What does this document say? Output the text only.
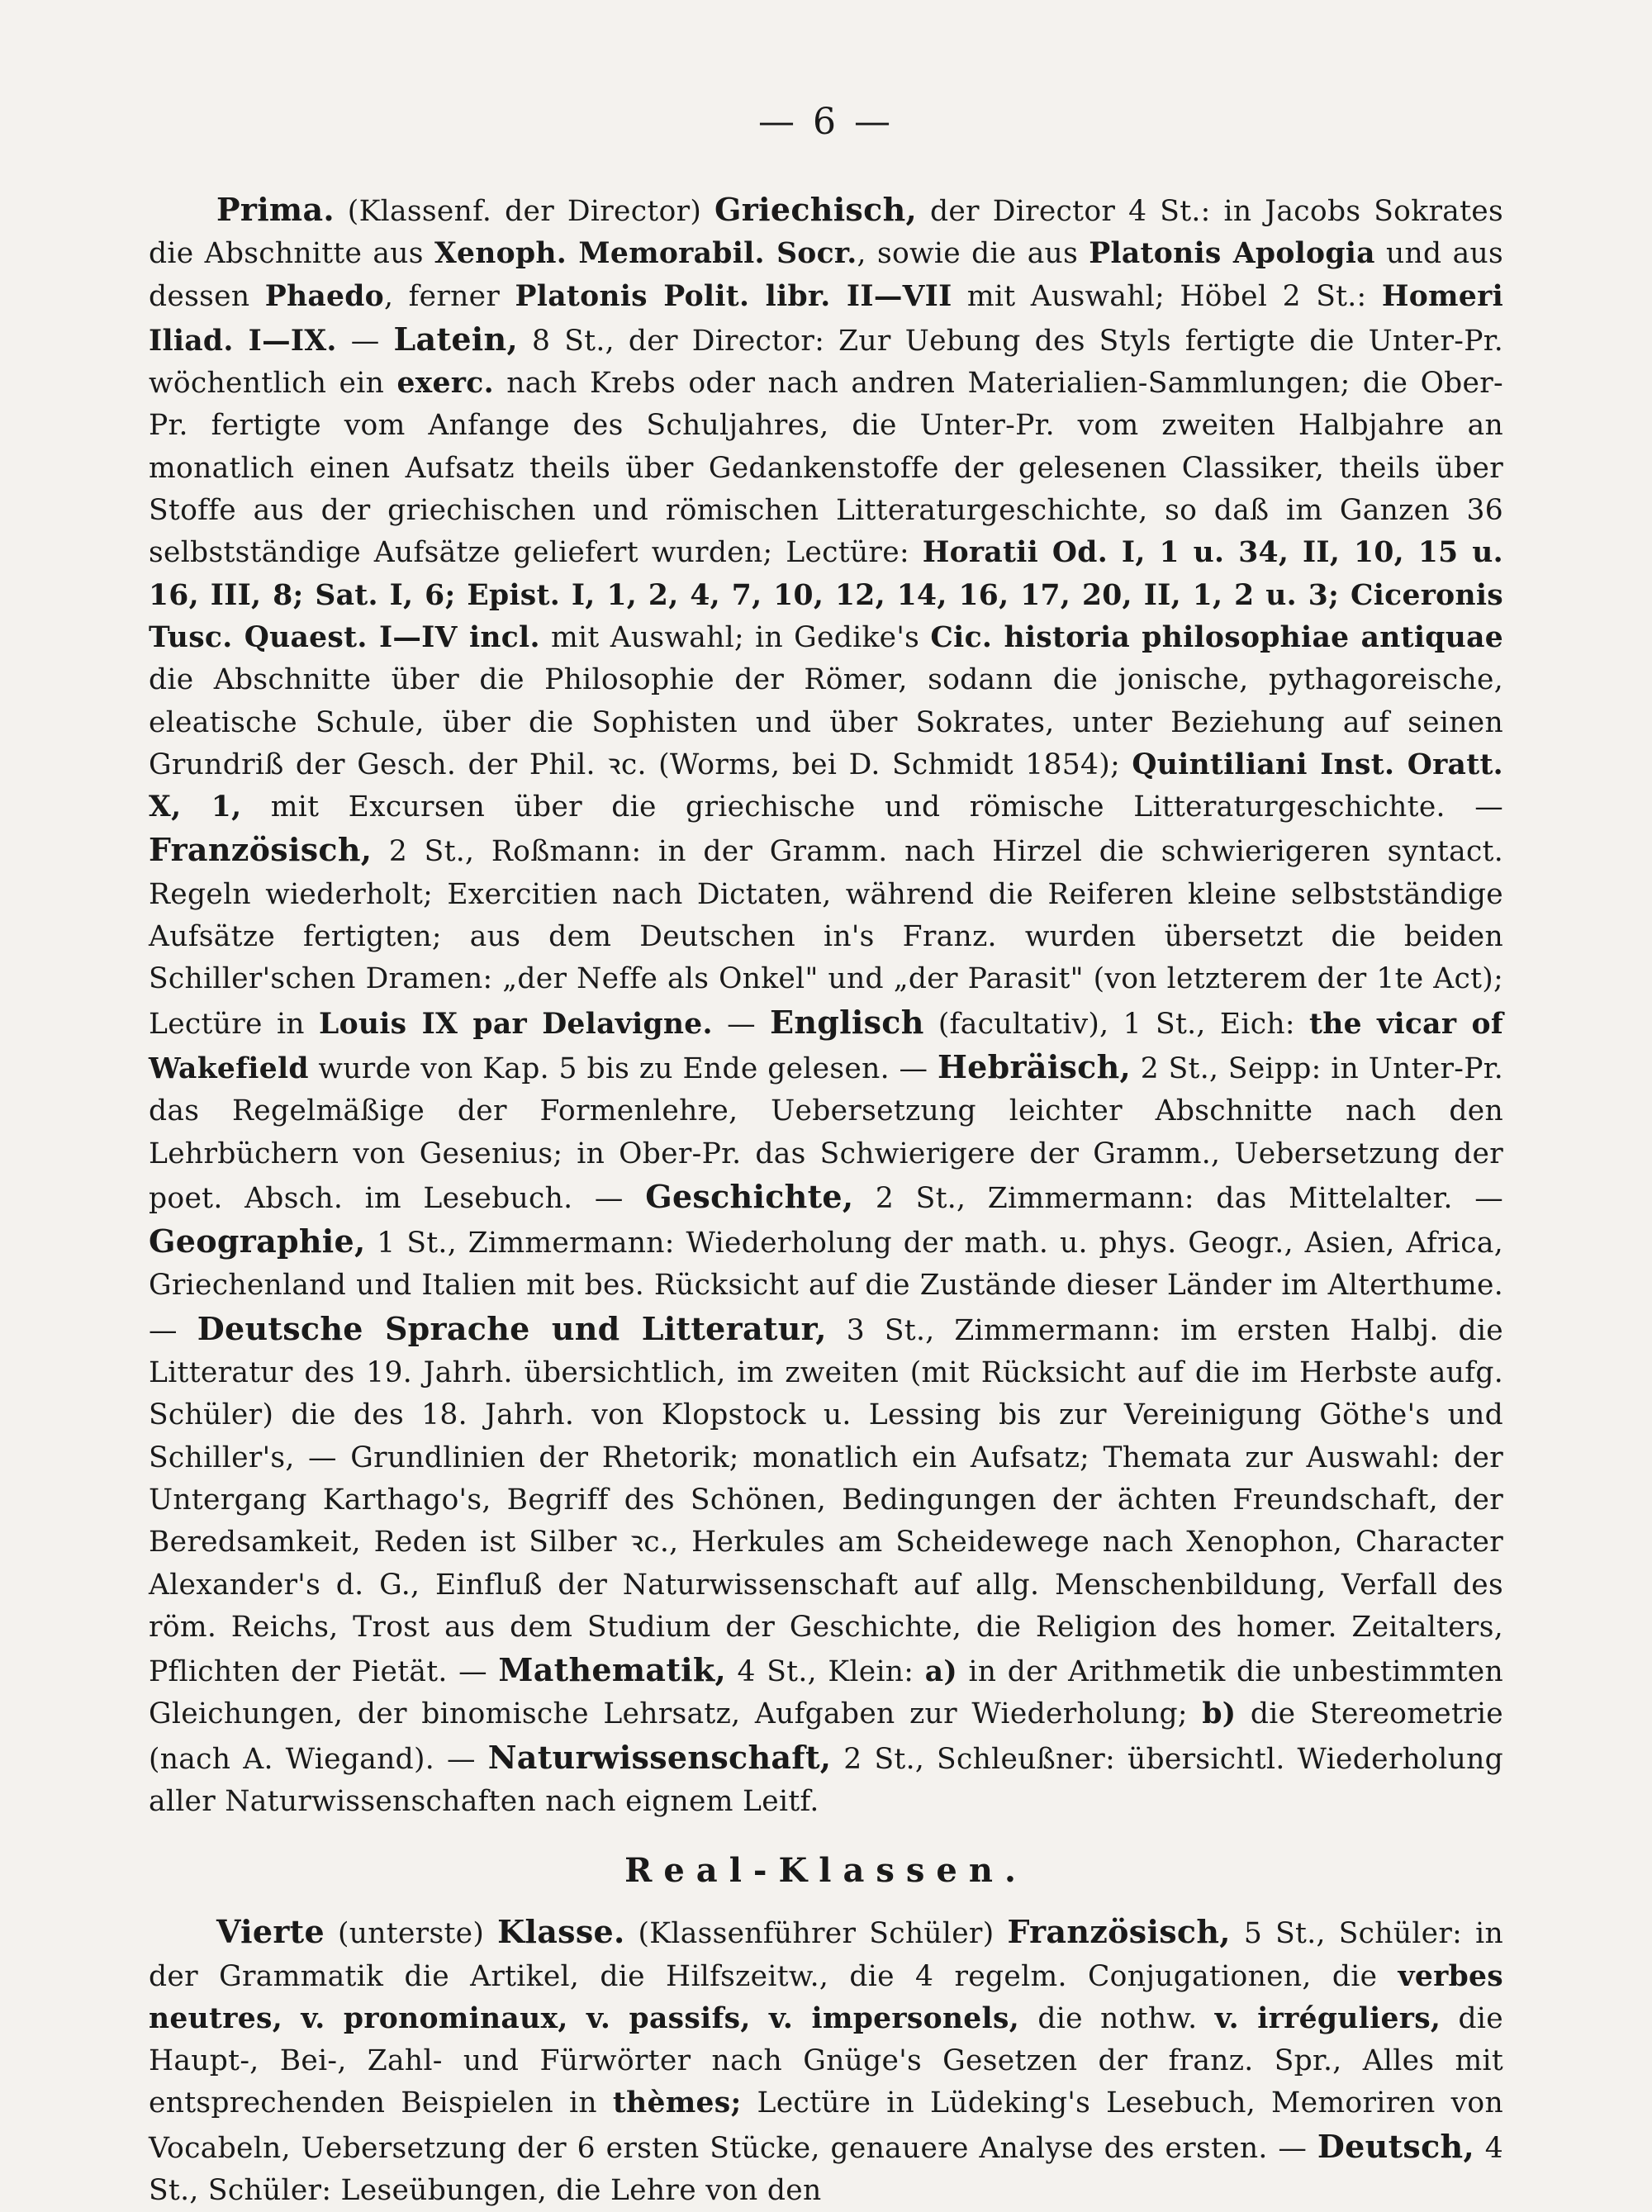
— 6 —

Prima. (Klassenf. der Director) Griechisch, der Director 4 St.: in Jacobs Sokrates die Abschnitte aus Xenoph. Memorabil. Socr., sowie die aus Platonis Apologia und aus dessen Phaedo, ferner Platonis Polit. libr. II—VII mit Auswahl; Höbel 2 St.: Homeri Iliad. I—IX. — Latein, 8 St., der Director: Zur Uebung des Styls fertigte die Unter-Pr. wöchentlich ein exerc. nach Krebs oder nach andren Materialien-Sammlungen; die Ober-Pr. fertigte vom Anfange des Schuljahres, die Unter-Pr. vom zweiten Halbjahre an monatlich einen Aufsatz theils über Gedankenstoffe der gelesenen Classiker, theils über Stoffe aus der griechischen und römischen Litteraturgeschichte, so daß im Ganzen 36 selbstständige Aufsätze geliefert wurden; Lectüre: Horatii Od. I, 1 u. 34, II, 10, 15 u. 16, III, 8; Sat. I, 6; Epist. I, 1, 2, 4, 7, 10, 12, 14, 16, 17, 20, II, 1, 2 u. 3; Ciceronis Tusc. Quaest. I—IV incl. mit Auswahl; in Gedike's Cic. historia philosophiae antiquae die Abschnitte über die Philosophie der Römer, sodann die jonische, pythagoreische, eleatische Schule, über die Sophisten und über Sokrates, unter Beziehung auf seinen Grundriß der Gesch. der Phil. ꝛc. (Worms, bei D. Schmidt 1854); Quintiliani Inst. Oratt. X, 1, mit Excursen über die griechische und römische Litteraturgeschichte. — Französisch, 2 St., Roßmann: in der Gramm. nach Hirzel die schwierigeren syntact. Regeln wiederholt; Exercitien nach Dictaten, während die Reiferen kleine selbstständige Aufsätze fertigten; aus dem Deutschen in's Franz. wurden übersetzt die beiden Schiller'schen Dramen: „der Neffe als Onkel" und „der Parasit" (von letzterem der 1te Act); Lectüre in Louis IX par Delavigne. — Englisch (facultativ), 1 St., Eich: the vicar of Wakefield wurde von Kap. 5 bis zu Ende gelesen. — Hebräisch, 2 St., Seipp: in Unter-Pr. das Regelmäßige der Formenlehre, Uebersetzung leichter Abschnitte nach den Lehrbüchern von Gesenius; in Ober-Pr. das Schwierigere der Gramm., Uebersetzung der poet. Absch. im Lesebuch. — Geschichte, 2 St., Zimmermann: das Mittelalter. — Geographie, 1 St., Zimmermann: Wiederholung der math. u. phys. Geogr., Asien, Africa, Griechenland und Italien mit bes. Rücksicht auf die Zustände dieser Länder im Alterthume. — Deutsche Sprache und Litteratur, 3 St., Zimmermann: im ersten Halbj. die Litteratur des 19. Jahrh. übersichtlich, im zweiten (mit Rücksicht auf die im Herbste aufg. Schüler) die des 18. Jahrh. von Klopstock u. Lessing bis zur Vereinigung Göthe's und Schiller's, — Grundlinien der Rhetorik; monatlich ein Aufsatz; Themata zur Auswahl: der Untergang Karthago's, Begriff des Schönen, Bedingungen der ächten Freundschaft, der Beredsamkeit, Reden ist Silber ꝛc., Herkules am Scheidewege nach Xenophon, Character Alexander's d. G., Einfluß der Naturwissenschaft auf allg. Menschenbildung, Verfall des röm. Reichs, Trost aus dem Studium der Geschichte, die Religion des homer. Zeitalters, Pflichten der Pietät. — Mathematik, 4 St., Klein: a) in der Arithmetik die unbestimmten Gleichungen, der binomische Lehrsatz, Aufgaben zur Wiederholung; b) die Stereometrie (nach A. Wiegand). — Naturwissenschaft, 2 St., Schleußner: übersichtl. Wiederholung aller Naturwissenschaften nach eignem Leitf.

Real-Klassen.

Vierte (unterste) Klasse. (Klassenführer Schüler) Französisch, 5 St., Schüler: in der Grammatik die Artikel, die Hilfszeitw., die 4 regelm. Conjugationen, die verbes neutres, v. pronominaux, v. passifs, v. impersonels, die nothw. v. irréguliers, die Haupt-, Bei-, Zahl- und Fürwörter nach Gnüge's Gesetzen der franz. Spr., Alles mit entsprechenden Beispielen in thèmes; Lectüre in Lüdeking's Lesebuch, Memoriren von Vocabeln, Uebersetzung der 6 ersten Stücke, genauere Analyse des ersten. — Deutsch, 4 St., Schüler: Leseübungen, die Lehre von den
